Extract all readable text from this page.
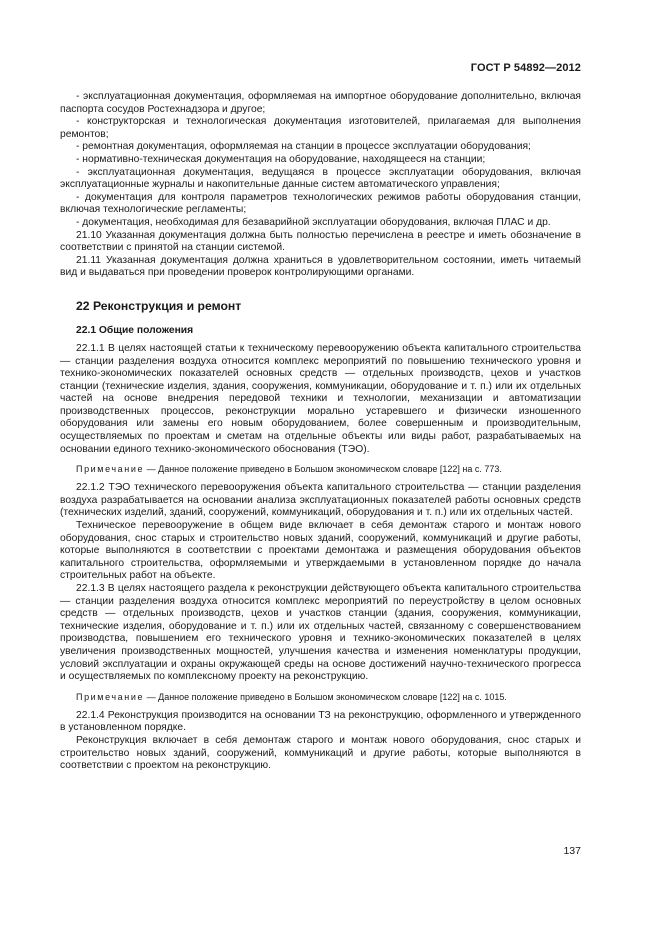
ГОСТ Р 54892—2012

- эксплуатационная документация, оформляемая на импортное оборудование дополнительно, включая паспорта сосудов Ростехнадзора и другое;

- конструкторская и технологическая документация изготовителей, прилагаемая для выполнения ремонтов;

- ремонтная документация, оформляемая на станции в процессе эксплуатации оборудования;

- нормативно-техническая документация на оборудование, находящееся на станции;

- эксплуатационная документация, ведущаяся в процессе эксплуатации оборудования, включая эксплуатационные журналы и накопительные данные систем автоматического управления;

- документация для контроля параметров технологических режимов работы оборудования станции, включая технологические регламенты;

- документация, необходимая для безаварийной эксплуатации оборудования, включая ПЛАС и др.

21.10 Указанная документация должна быть полностью перечислена в реестре и иметь обозначение в соответствии с принятой на станции системой.

21.11 Указанная документация должна храниться в удовлетворительном состоянии, иметь читаемый вид и выдаваться при проведении проверок контролирующими органами.

22 Реконструкция и ремонт
22.1 Общие положения

22.1.1 В целях настоящей статьи к техническому перевооружению объекта капитального строительства — станции разделения воздуха относится комплекс мероприятий по повышению технического уровня и технико-экономических показателей основных средств — отдельных производств, цехов и участков станции (технические изделия, здания, сооружения, коммуникации, оборудование и т. п.) или их отдельных частей на основе внедрения передовой техники и технологии, механизации и автоматизации производственных процессов, реконструкции морально устаревшего и физически изношенного оборудования или замены его новым оборудованием, более совершенным и производительным, осуществляемых по проектам и сметам на отдельные объекты или виды работ, разрабатываемых на основании единого технико-экономического обоснования (ТЭО).

Примечание — Данное положение приведено в Большом экономическом словаре [122] на с. 773.

22.1.2 ТЭО технического перевооружения объекта капитального строительства — станции разделения воздуха разрабатывается на основании анализа эксплуатационных показателей работы основных средств (технических изделий, зданий, сооружений, коммуникаций, оборудования и т. п.) или их отдельных частей.

Техническое перевооружение в общем виде включает в себя демонтаж старого и монтаж нового оборудования, снос старых и строительство новых зданий, сооружений, коммуникаций и другие работы, которые выполняются в соответствии с проектами демонтажа и размещения оборудования объектов капитального строительства, оформляемыми и утверждаемыми в установленном порядке до начала строительных работ на объекте.

22.1.3 В целях настоящего раздела к реконструкции действующего объекта капитального строительства — станции разделения воздуха относится комплекс мероприятий по переустройству в целом основных средств — отдельных производств, цехов и участков станции (здания, сооружения, коммуникации, технические изделия, оборудование и т. п.) или их отдельных частей, связанному с совершенствованием производства, повышением его технического уровня и технико-экономических показателей в целях увеличения производственных мощностей, улучшения качества и изменения номенклатуры продукции, условий эксплуатации и охраны окружающей среды на основе достижений научно-технического прогресса и осуществляемых по комплексному проекту на реконструкцию.

Примечание — Данное положение приведено в Большом экономическом словаре [122] на с. 1015.

22.1.4 Реконструкция производится на основании ТЗ на реконструкцию, оформленного и утвержденного в установленном порядке.

Реконструкция включает в себя демонтаж старого и монтаж нового оборудования, снос старых и строительство новых зданий, сооружений, коммуникаций и другие работы, которые выполняются в соответствии с проектом на реконструкцию.

137
